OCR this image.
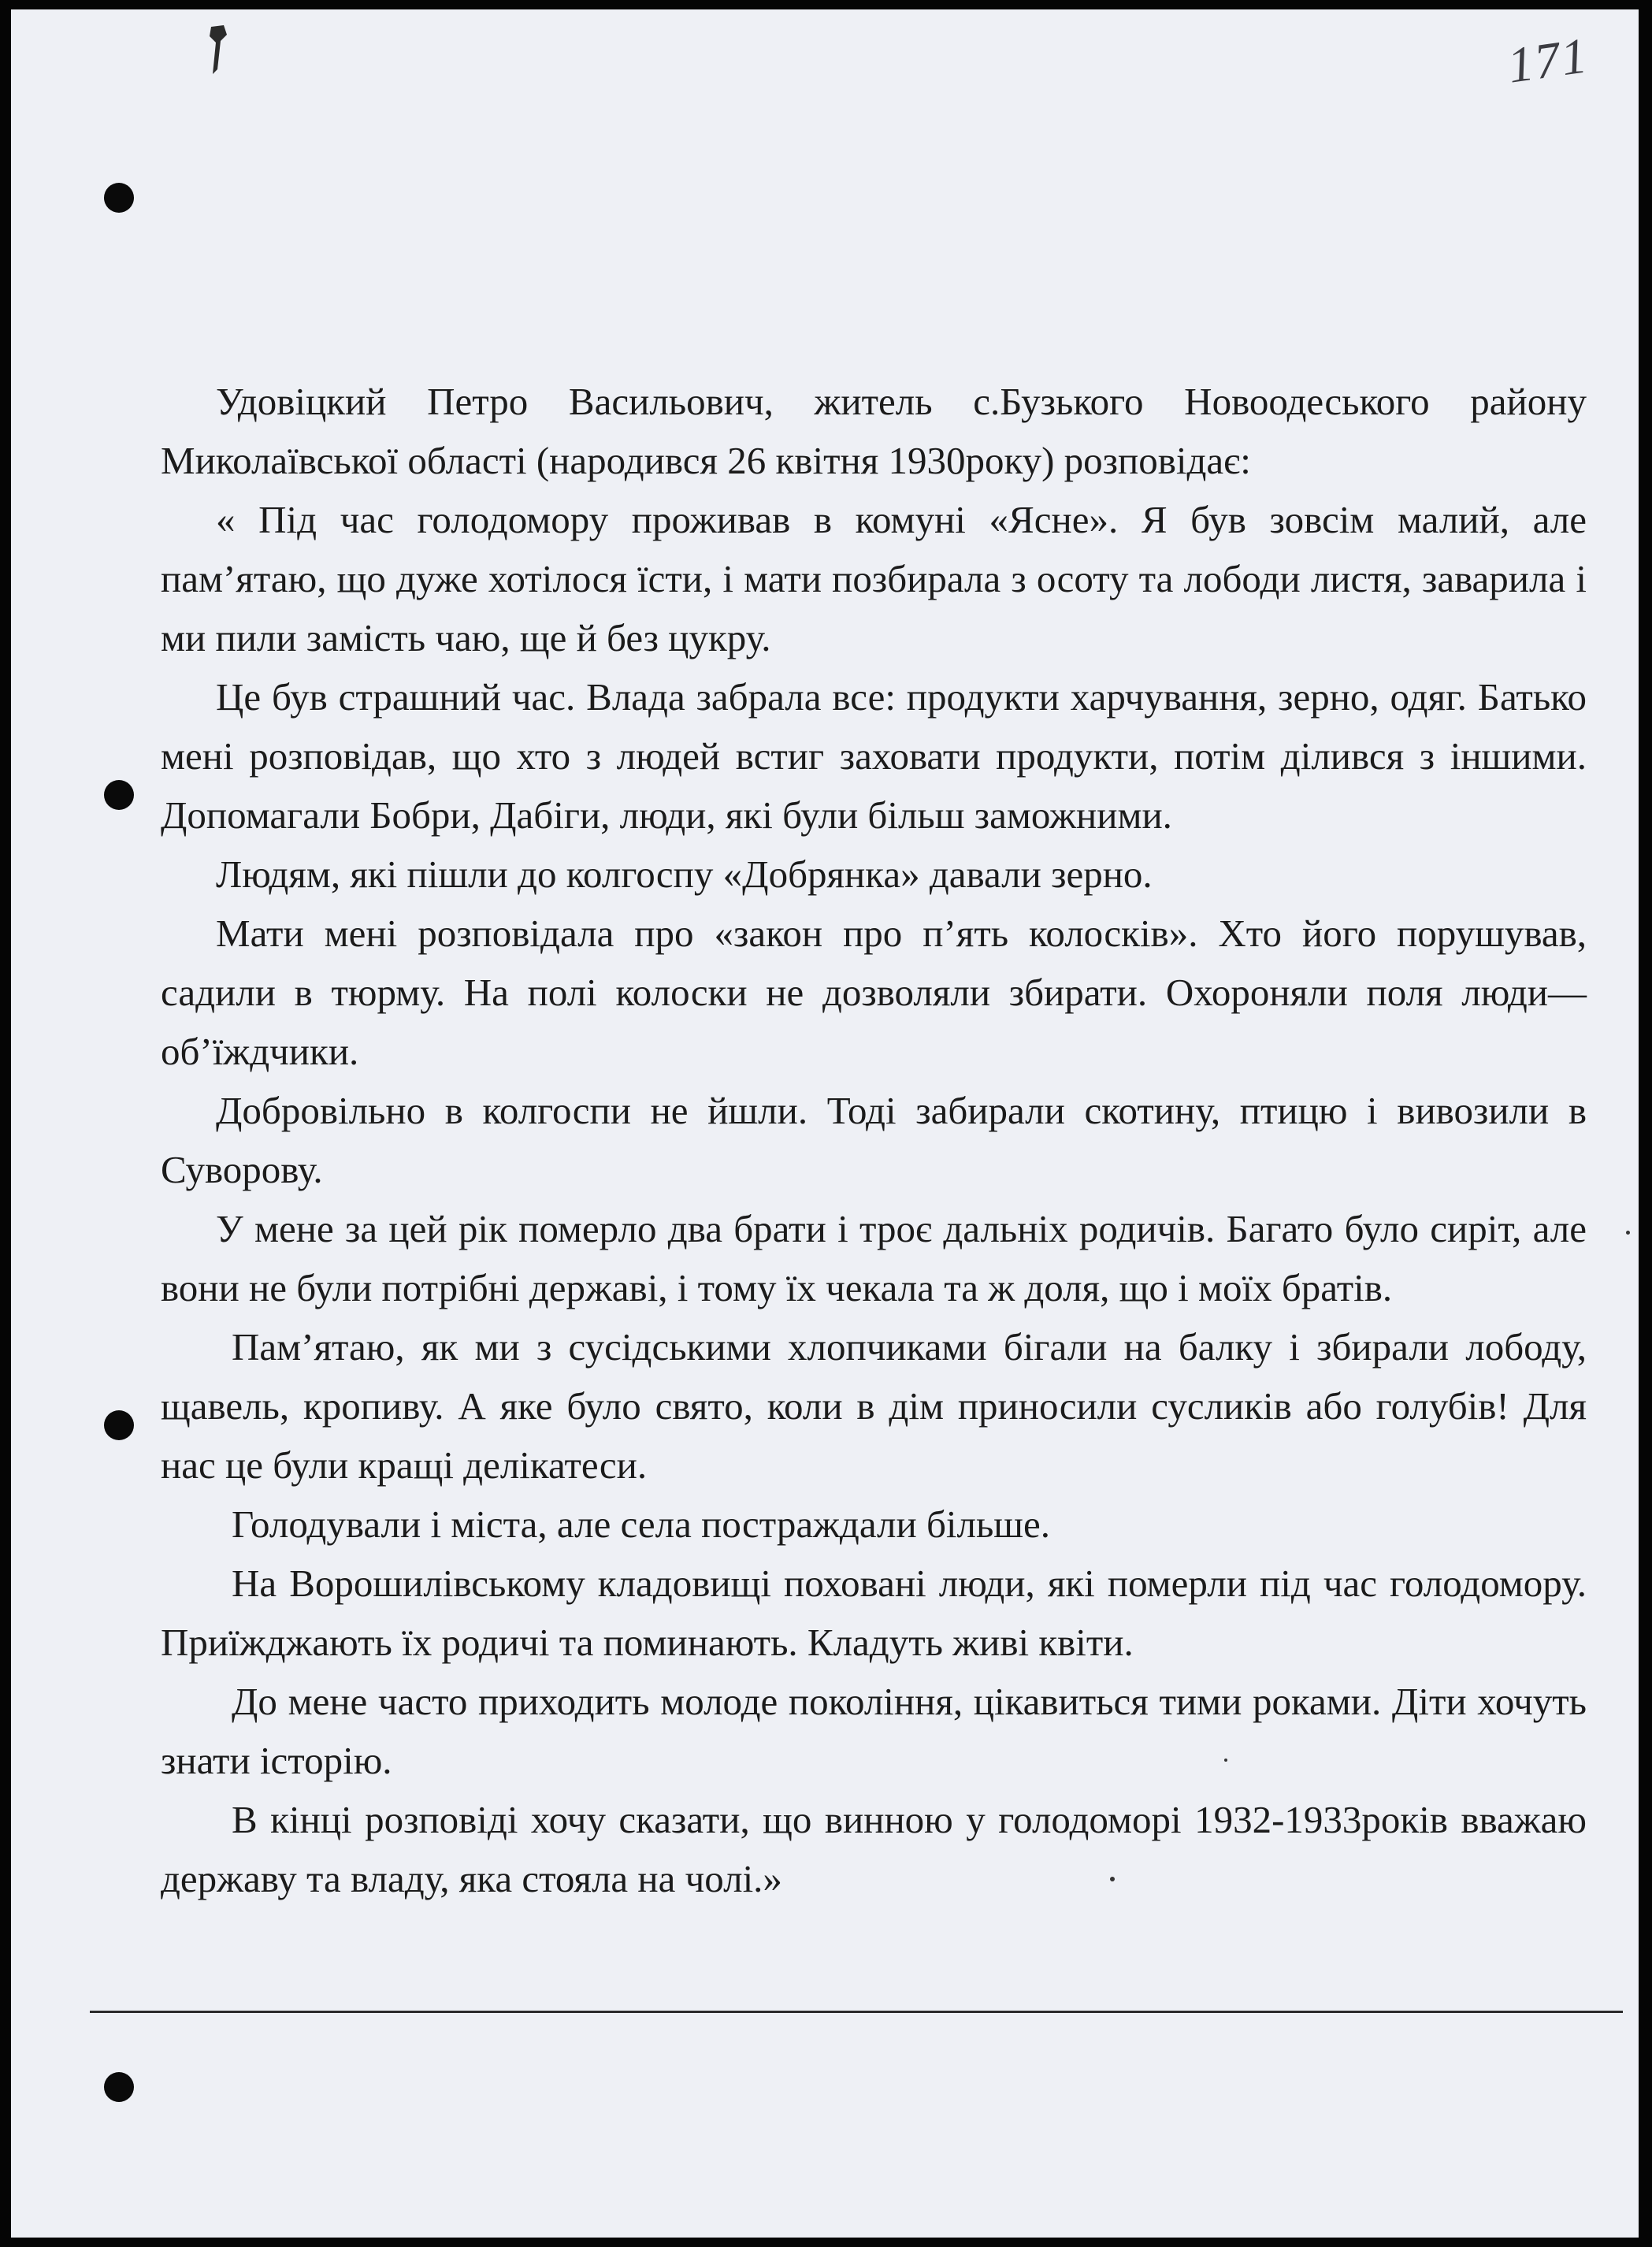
171

Удовіцкий Петро Васильович, житель с.Бузького Новоодеського району Миколаївської області (народився 26 квітня 1930року) розповідає:

« Під час голодомору проживав в комуні «Ясне». Я був зовсім малий, але пам’ятаю, що дуже хотілося їсти, і мати позбирала з осоту та лободи листя, заварила і ми пили замість чаю, ще й без цукру.

Це був страшний час. Влада забрала все: продукти харчування, зерно, одяг. Батько мені розповідав, що хто з людей встиг заховати продукти, потім ділився з іншими. Допомагали Бобри, Дабіги, люди, які були більш заможними.

Людям, які пішли до колгоспу «Добрянка» давали зерно.

Мати мені розповідала про «закон про п’ять колосків». Хто його порушував, садили в тюрму. На полі колоски не дозволяли збирати. Охороняли поля люди—об’їждчики.

Добровільно в колгоспи не йшли. Тоді забирали скотину, птицю і вивозили в Суворову.

У мене за цей рік померло два брати і троє дальніх родичів. Багато було сиріт, але вони не були потрібні державі, і тому їх чекала та ж доля, що і моїх братів.

Пам’ятаю, як ми з сусідськими хлопчиками бігали на балку і збирали лободу, щавель, кропиву. А яке було свято, коли в дім приносили сусликів або голубів! Для нас це були кращі делікатеси.

Голодували і міста, але села постраждали більше.

На Ворошилівському кладовищі поховані люди, які померли під час голодомору. Приїжджають їх родичі та поминають. Кладуть живі квіти.

До мене часто приходить молоде покоління, цікавиться тими роками. Діти хочуть знати історію.

В кінці розповіді хочу сказати, що винною у голодоморі 1932-1933років вважаю державу та владу, яка стояла на чолі.»
